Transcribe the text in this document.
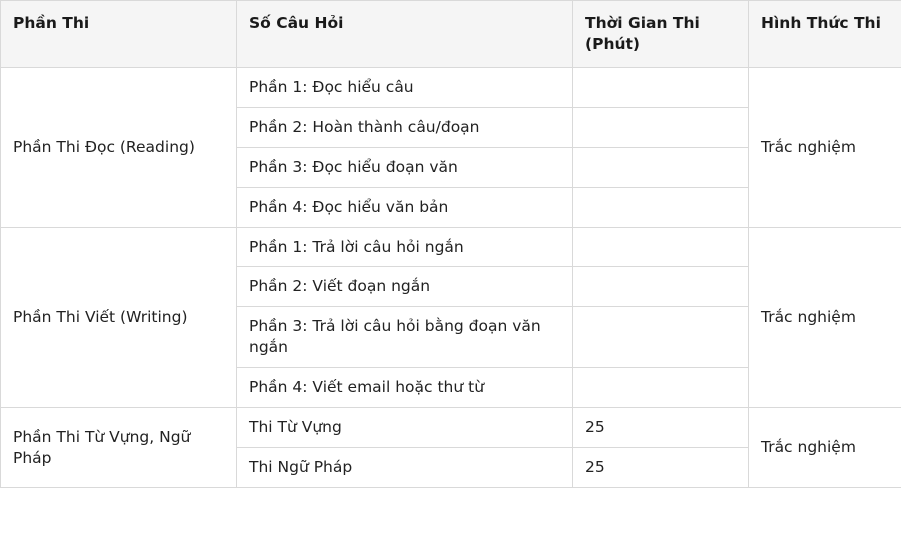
Phần Thi	Số Câu Hỏi	Thời Gian Thi (Phút)	Hình Thức Thi
Phần Thi Đọc (Reading)	Phần 1: Đọc hiểu câu		Trắc nghiệm
	Phần 2: Hoàn thành câu/đoạn		
	Phần 3: Đọc hiểu đoạn văn		
	Phần 4: Đọc hiểu văn bản		
Phần Thi Viết (Writing)	Phần 1: Trả lời câu hỏi ngắn		Trắc nghiệm
	Phần 2: Viết đoạn ngắn		
	Phần 3: Trả lời câu hỏi bằng đoạn văn ngắn		
	Phần 4: Viết email hoặc thư từ		
Phần Thi Từ Vựng, Ngữ Pháp	Thi Từ Vựng	25	Trắc nghiệm
	Thi Ngữ Pháp	25	
